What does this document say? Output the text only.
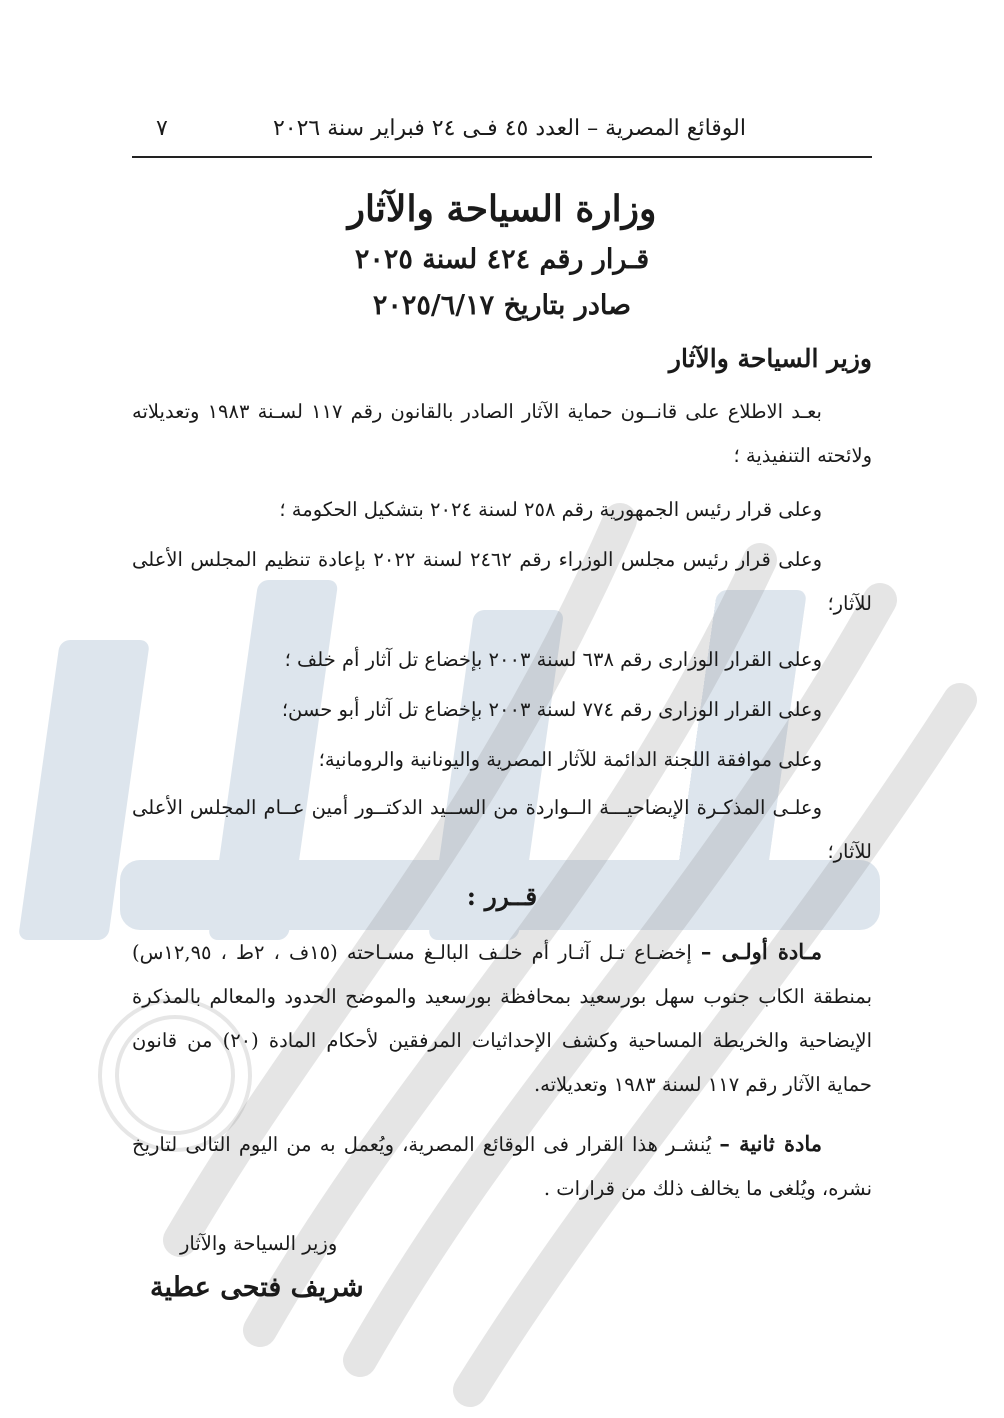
الوقائع المصرية – العدد ٤٥ فـى ٢٤ فبراير سنة ٢٠٢٦
٧
وزارة السياحة والآثار
قـرار رقم ٤٢٤ لسنة ٢٠٢٥
صادر بتاريخ ٢٠٢٥/٦/١٧
وزير السياحة والآثار
بعـد الاطلاع على قانــون حماية الآثار الصادر بالقانون رقم ١١٧ لسـنة ١٩٨٣ وتعديلاته ولائحته التنفيذية ؛
وعلى قرار رئيس الجمهورية رقم ٢٥٨ لسنة ٢٠٢٤ بتشكيل الحكومة ؛
وعلى قرار رئيس مجلس الوزراء رقم ٢٤٦٢ لسنة ٢٠٢٢ بإعادة تنظيم المجلس الأعلى للآثار؛
وعلى القرار الوزارى رقم ٦٣٨ لسنة ٢٠٠٣ بإخضاع تل آثار أم خلف ؛
وعلى القرار الوزارى رقم ٧٧٤ لسنة ٢٠٠٣ بإخضاع تل آثار أبو حسن؛
وعلى موافقة اللجنة الدائمة للآثار المصرية واليونانية والرومانية؛
وعلـى المذكـرة الإيضاحيـــة الــواردة من الســيد الدكتــور أمين عــام المجلس الأعلى للآثار؛
قــرر :
مـادة أولـى – إخضـاع تـل آثـار أم خلـف البالـغ مسـاحته (١٥ف ، ٢ط ، ١٢,٩٥س) بمنطقة الكاب جنوب سهل بورسعيد بمحافظة بورسعيد والموضح الحدود والمعالم بالمذكرة الإيضاحية والخريطة المساحية وكشف الإحداثيات المرفقين لأحكام المادة (٢٠) من قانون حماية الآثار رقم ١١٧ لسنة ١٩٨٣ وتعديلاته.
مادة ثانية – يُنشـر هذا القرار فى الوقائع المصرية، ويُعمل به من اليوم التالى لتاريخ نشره، ويُلغى ما يخالف ذلك من قرارات .
وزير السياحة والآثار
شريف فتحى عطية
